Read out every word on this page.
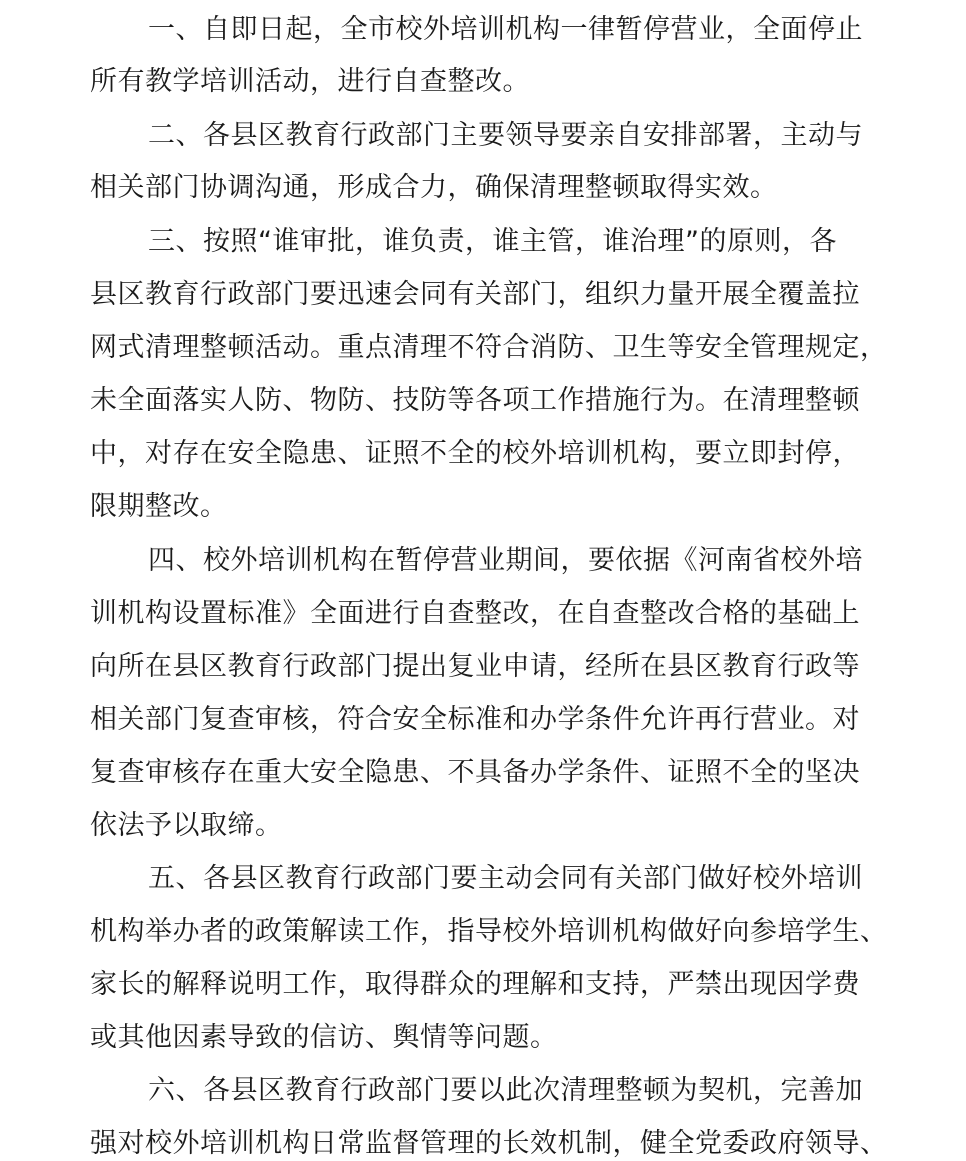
一、自即日起，全市校外培训机构一律暂停营业，全面停止
所有教学培训活动，进行自查整改。
二、各县区教育行政部门主要领导要亲自安排部署，主动与
相关部门协调沟通，形成合力，确保清理整顿取得实效。
三、按照“谁审批，谁负责，谁主管，谁治理”的原则，各
县区教育行政部门要迅速会同有关部门，组织力量开展全覆盖拉
网式清理整顿活动。重点清理不符合消防、卫生等安全管理规定，
未全面落实人防、物防、技防等各项工作措施行为。在清理整顿
中，对存在安全隐患、证照不全的校外培训机构，要立即封停，
限期整改。
四、校外培训机构在暂停营业期间，要依据《河南省校外培
训机构设置标准》全面进行自查整改，在自查整改合格的基础上
向所在县区教育行政部门提出复业申请，经所在县区教育行政等
相关部门复查审核，符合安全标准和办学条件允许再行营业。对
复查审核存在重大安全隐患、不具备办学条件、证照不全的坚决
依法予以取缔。
五、各县区教育行政部门要主动会同有关部门做好校外培训
机构举办者的政策解读工作，指导校外培训机构做好向参培学生、
家长的解释说明工作，取得群众的理解和支持，严禁出现因学费
或其他因素导致的信访、舆情等问题。
六、各县区教育行政部门要以此次清理整顿为契机，完善加
强对校外培训机构日常监督管理的长效机制，健全党委政府领导、
